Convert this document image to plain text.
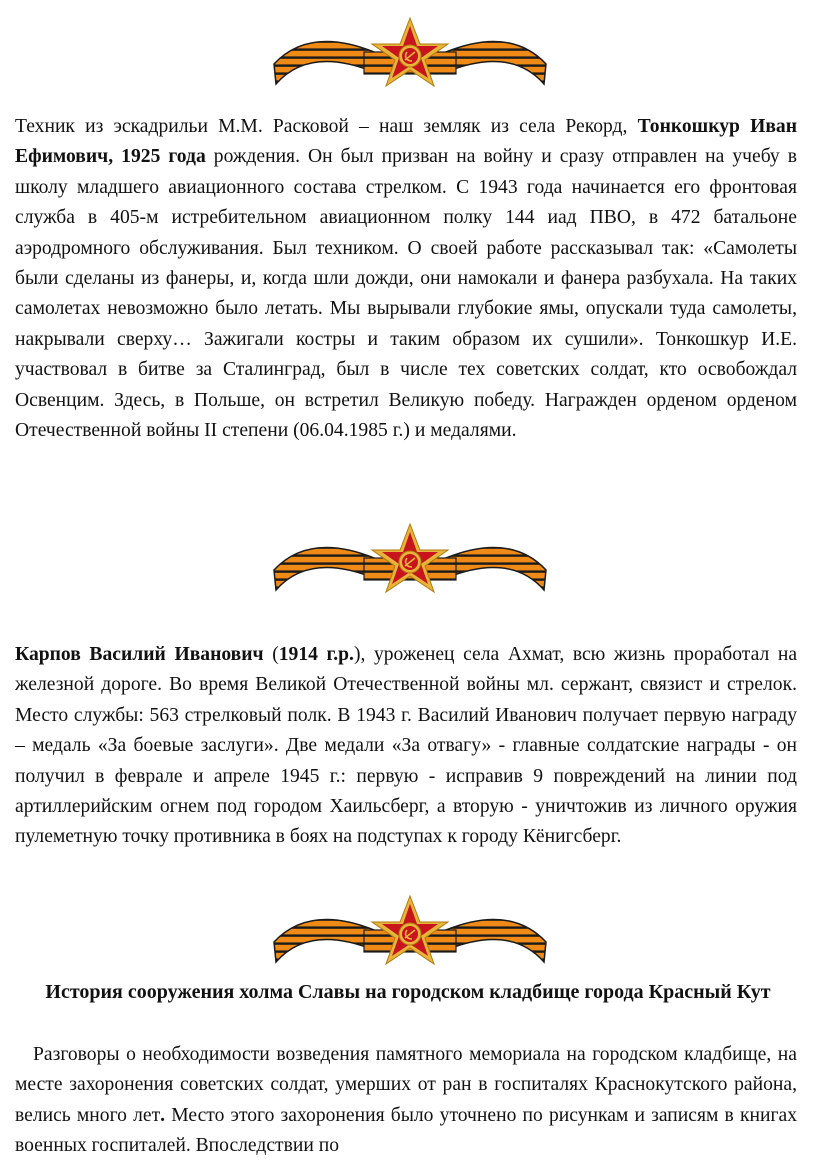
Техник из эскадрильи М.М. Расковой – наш земляк из села Рекорд, Тонкошкур Иван Ефимович, 1925 года рождения. Он был призван на войну и сразу отправлен на учебу в школу младшего авиационного состава стрелком. С 1943 года начинается его фронтовая служба в 405-м истребительном авиационном полку 144 иад ПВО, в 472 батальоне аэродромного обслуживания. Был техником. О своей работе рассказывал так: «Самолеты были сделаны из фанеры, и, когда шли дожди, они намокали и фанера разбухала. На таких самолетах невозможно было летать. Мы вырывали глубокие ямы, опускали туда самолеты, накрывали сверху… Зажигали костры и таким образом их сушили». Тонкошкур И.Е. участвовал в битве за Сталинград, был в числе тех советских солдат, кто освобождал Освенцим. Здесь, в Польше, он встретил Великую победу. Награжден орденом орденом Отечественной войны II степени (06.04.1985 г.) и медалями.

Карпов Василий Иванович (1914 г.р.), уроженец села Ахмат, всю жизнь проработал на железной дороге. Во время Великой Отечественной войны мл. сержант, связист и стрелок. Место службы: 563 стрелковый полк. В 1943 г. Василий Иванович получает первую награду – медаль «За боевые заслуги». Две медали «За отвагу» - главные солдатские награды - он получил в феврале и апреле 1945 г.: первую - исправив 9 повреждений на линии под артиллерийским огнем под городом Хаильсберг, а вторую - уничтожив из личного оружия пулеметную точку противника в боях на подступах к городу Кёнигсберг.

История сооружения холма Славы на городском кладбище города Красный Кут

Разговоры о необходимости возведения памятного мемориала на городском кладбище, на месте захоронения советских солдат, умерших от ран в госпиталях Краснокутского района, велись много лет. Место этого захоронения было уточнено по рисункам и записям в книгах военных госпиталей. Впоследствии по
